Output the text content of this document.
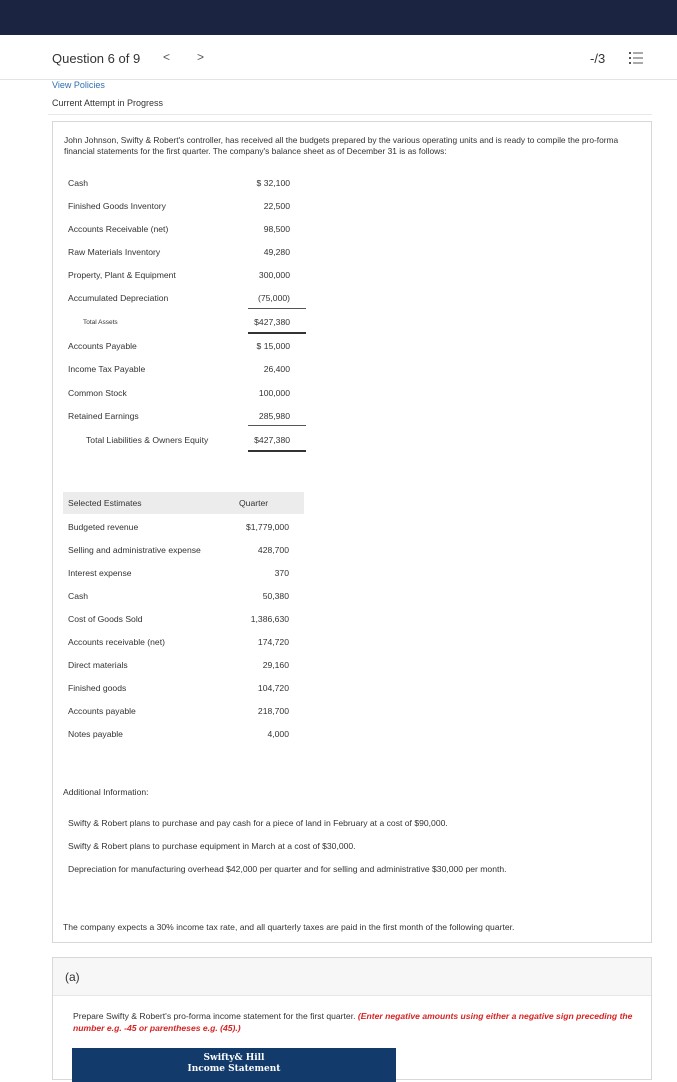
Question 6 of 9 < >	-/3
View Policies
Current Attempt in Progress
John Johnson, Swifty & Robert's controller, has received all the budgets prepared by the various operating units and is ready to compile the pro-forma financial statements for the first quarter. The company's balance sheet as of December 31 is as follows:
Cash	$ 32,100
Finished Goods Inventory	22,500
Accounts Receivable (net)	98,500
Raw Materials Inventory	49,280
Property, Plant & Equipment	300,000
Accumulated Depreciation	(75,000)
Total Assets	$427,380
Accounts Payable	$ 15,000
Income Tax Payable	26,400
Common Stock	100,000
Retained Earnings	285,980
Total Liabilities & Owners Equity	$427,380
Selected Estimates	Quarter
Budgeted revenue	$1,779,000
Selling and administrative expense	428,700
Interest expense	370
Cash	50,380
Cost of Goods Sold	1,386,630
Accounts receivable (net)	174,720
Direct materials	29,160
Finished goods	104,720
Accounts payable	218,700
Notes payable	4,000
Additional Information:
Swifty & Robert plans to purchase and pay cash for a piece of land in February at a cost of $90,000.
Swifty & Robert plans to purchase equipment in March at a cost of $30,000.
Depreciation for manufacturing overhead $42,000 per quarter and for selling and administrative $30,000 per month.
The company expects a 30% income tax rate, and all quarterly taxes are paid in the first month of the following quarter.
(a)
Prepare Swifty & Robert's pro-forma income statement for the first quarter. (Enter negative amounts using either a negative sign preceding the number e.g. -45 or parentheses e.g. (45).)
Swifty& Hill
Income Statement
